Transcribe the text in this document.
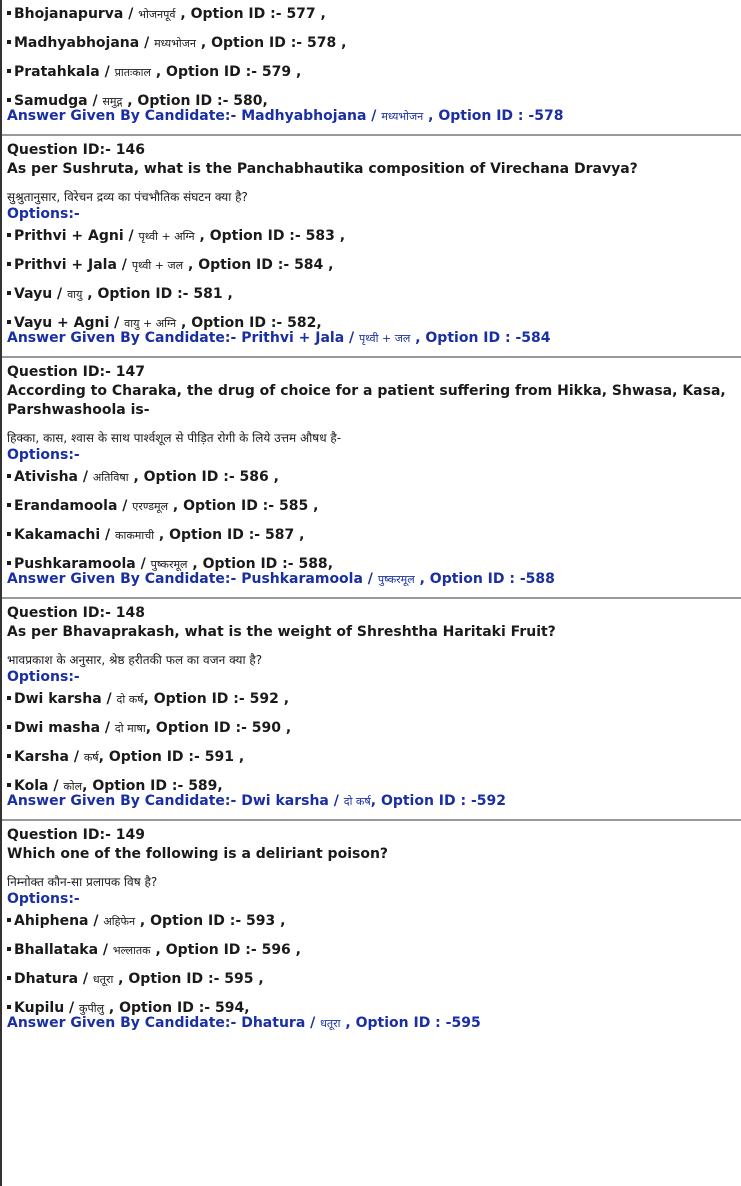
Bhojanapurva / भोजनपूर्व , Option ID :- 577 ,
Madhyabhojana / मध्यभोजन , Option ID :- 578 ,
Pratahkala / प्रातःकाल , Option ID :- 579 ,
Samudga / समुद्ग , Option ID :- 580,
Answer Given By Candidate:- Madhyabhojana / मध्यभोजन , Option ID : -578
Question ID:- 146
As per Sushruta, what is the Panchabhautika composition of Virechana Dravya?
सुश्रुतानुसार, विरेचन द्रव्य का पंचभौतिक संघटन क्या है?
Options:-
Prithvi + Agni / पृथ्वी + अग्नि , Option ID :- 583 ,
Prithvi + Jala / पृथ्वी + जल , Option ID :- 584 ,
Vayu / वायु , Option ID :- 581 ,
Vayu + Agni / वायु + अग्नि , Option ID :- 582,
Answer Given By Candidate:- Prithvi + Jala / पृथ्वी + जल , Option ID : -584
Question ID:- 147
According to Charaka, the drug of choice for a patient suffering from Hikka, Shwasa, Kasa, Parshwashoola is-
हिक्का, कास, श्वास के साथ पार्श्वशूल से पीड़ित रोगी के लिये उत्तम औषध है-
Options:-
Ativisha / अतिविषा , Option ID :- 586 ,
Erandamoola / एरण्डमूल , Option ID :- 585 ,
Kakamachi / काकमाची , Option ID :- 587 ,
Pushkaramoola / पुष्करमूल , Option ID :- 588,
Answer Given By Candidate:- Pushkaramoola / पुष्करमूल , Option ID : -588
Question ID:- 148
As per Bhavaprakash, what is the weight of Shreshtha Haritaki Fruit?
भावप्रकाश के अनुसार, श्रेष्ठ हरीतकी फल का वजन क्या है?
Options:-
Dwi karsha / दो कर्ष, Option ID :- 592 ,
Dwi masha / दो माषा, Option ID :- 590 ,
Karsha / कर्ष, Option ID :- 591 ,
Kola / कोल, Option ID :- 589,
Answer Given By Candidate:- Dwi karsha / दो कर्ष, Option ID : -592
Question ID:- 149
Which one of the following is a deliriant poison?
निम्नोक्त कौन-सा प्रलापक विष है?
Options:-
Ahiphena / अहिफेन , Option ID :- 593 ,
Bhallataka / भल्लातक , Option ID :- 596 ,
Dhatura / धतूरा , Option ID :- 595 ,
Kupilu / कुपीलु , Option ID :- 594,
Answer Given By Candidate:- Dhatura / धतूरा , Option ID : -595
